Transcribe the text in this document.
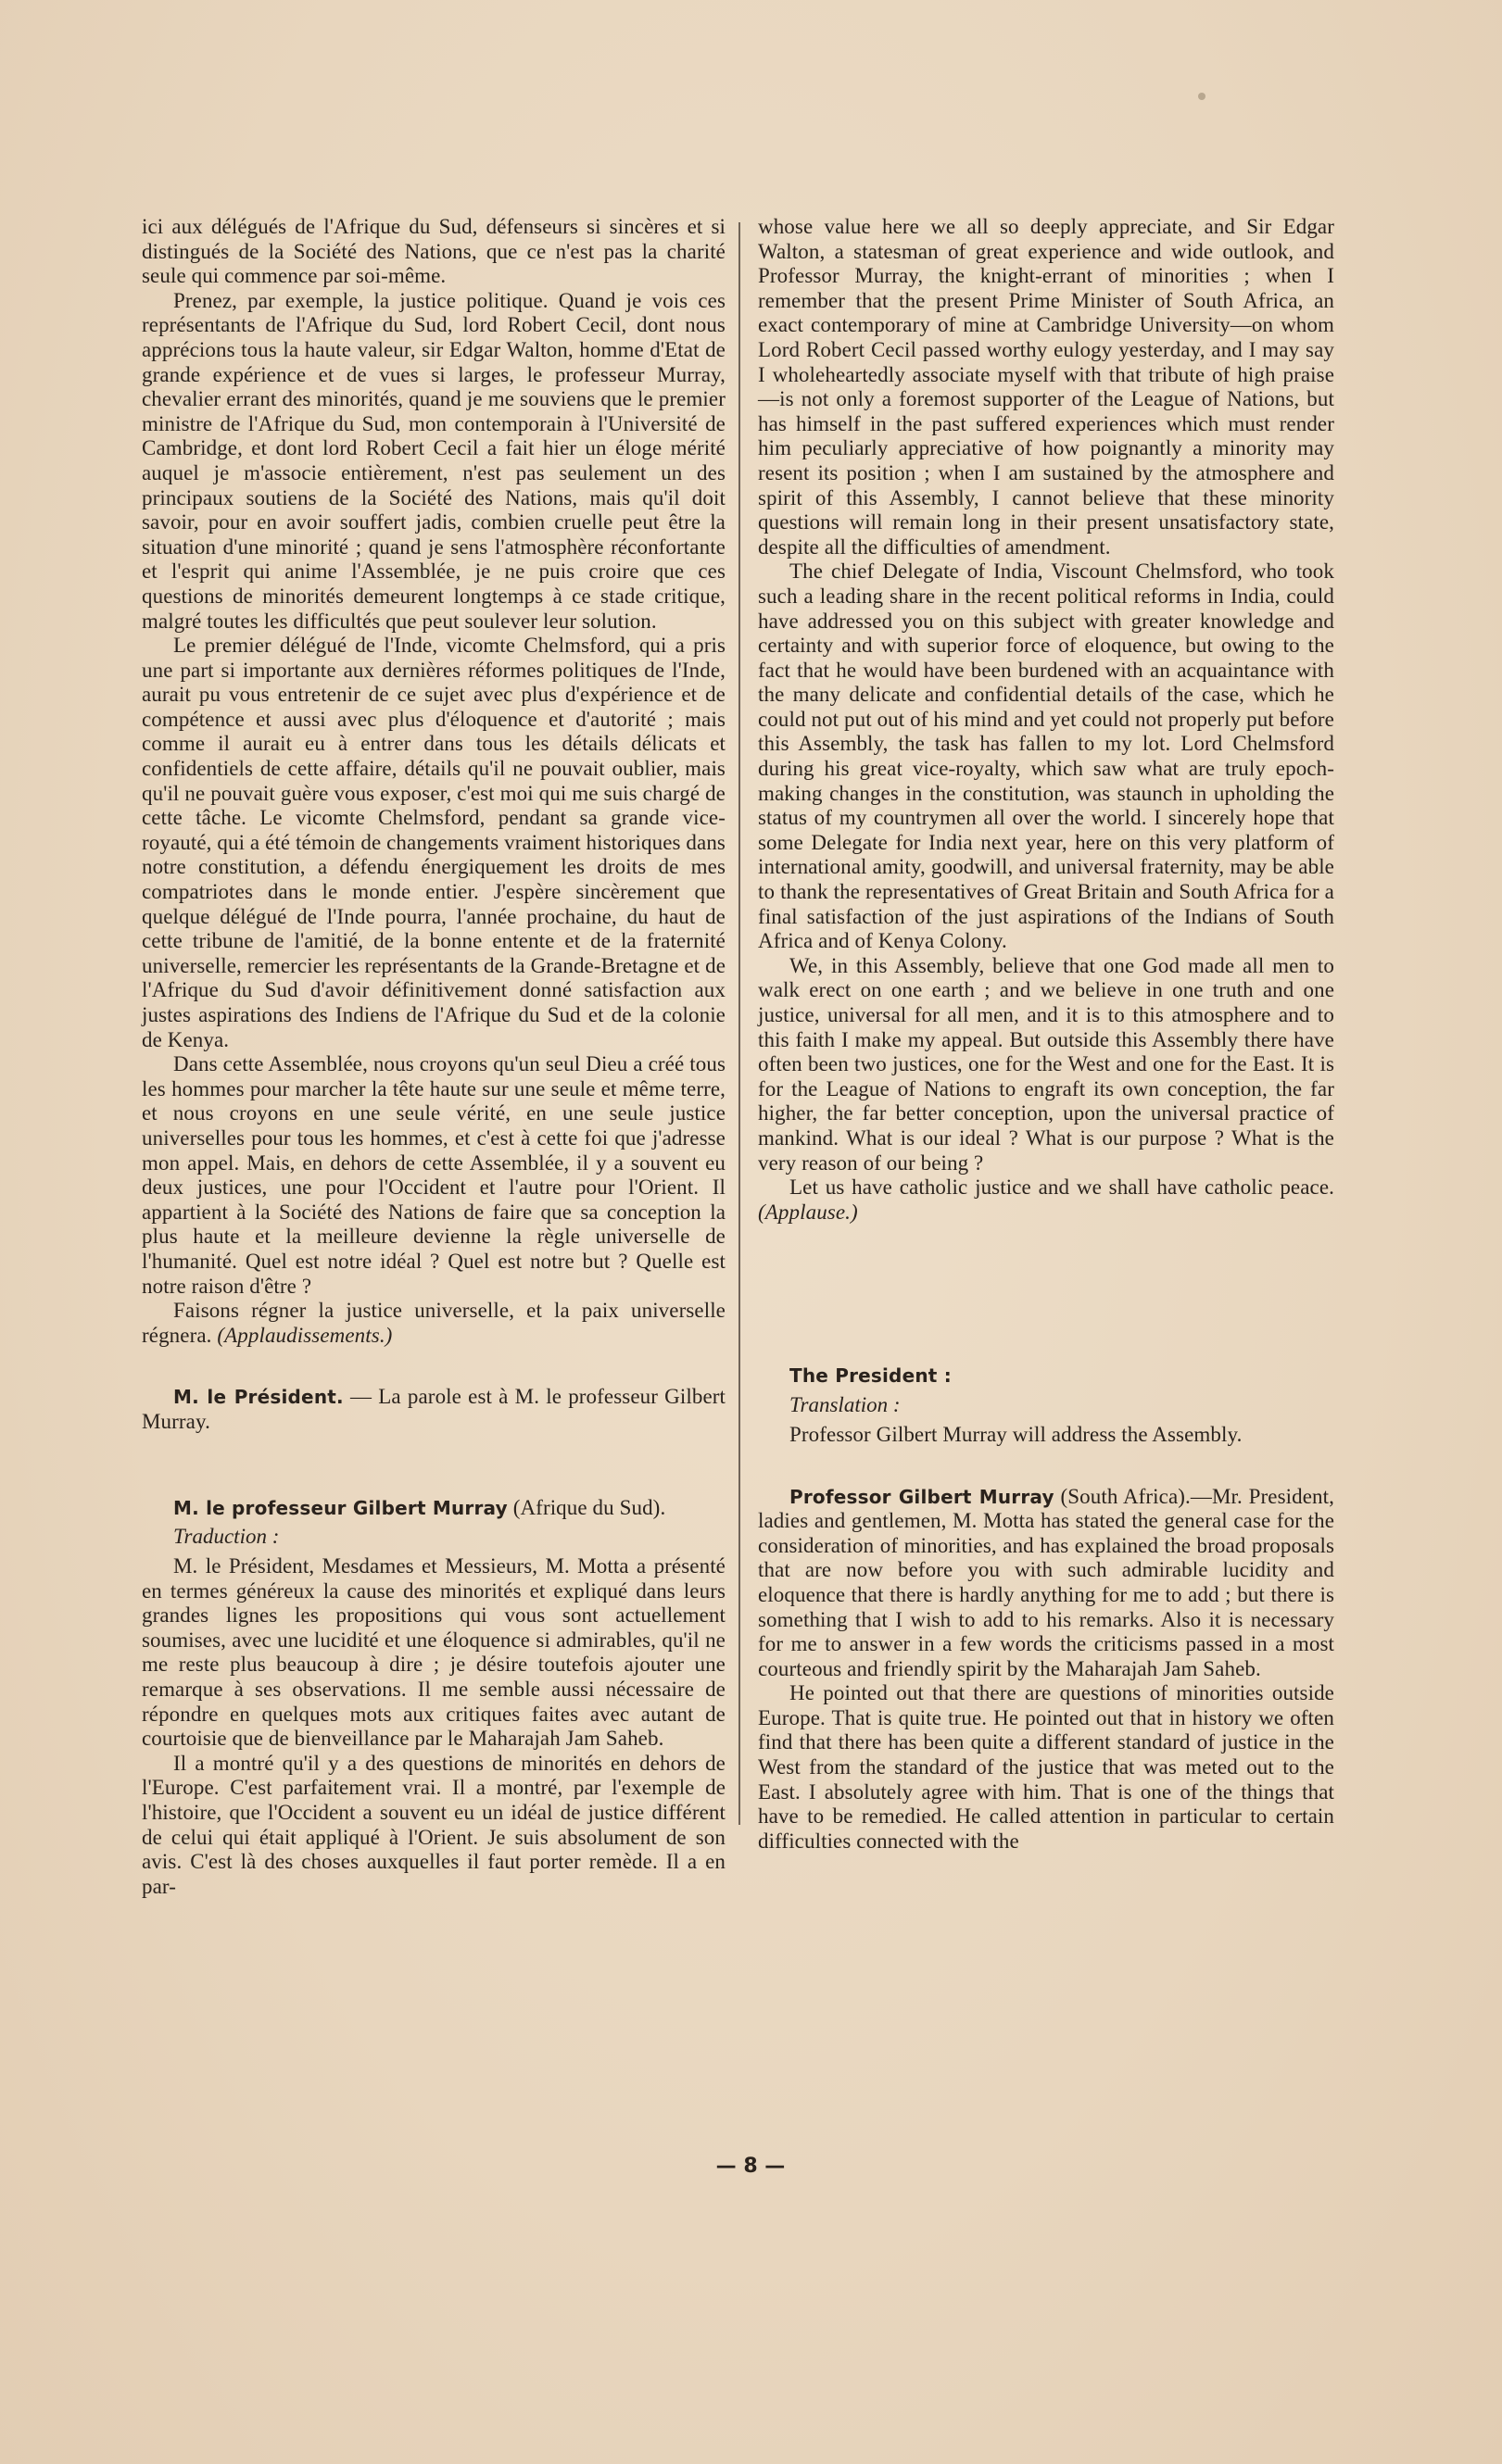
ici aux délégués de l'Afrique du Sud, défenseurs si sincères et si distingués de la Société des Nations, que ce n'est pas la charité seule qui commence par soi-même.

Prenez, par exemple, la justice politique. Quand je vois ces représentants de l'Afrique du Sud, lord Robert Cecil, dont nous apprécions tous la haute valeur, sir Edgar Walton, homme d'Etat de grande expérience et de vues si larges, le professeur Murray, chevalier errant des minorités, quand je me souviens que le premier ministre de l'Afrique du Sud, mon contemporain à l'Université de Cambridge, et dont lord Robert Cecil a fait hier un éloge mérité auquel je m'associe entièrement, n'est pas seulement un des principaux soutiens de la Société des Nations, mais qu'il doit savoir, pour en avoir souffert jadis, combien cruelle peut être la situation d'une minorité ; quand je sens l'atmosphère réconfortante et l'esprit qui anime l'Assemblée, je ne puis croire que ces questions de minorités demeurent longtemps à ce stade critique, malgré toutes les difficultés que peut soulever leur solution.

Le premier délégué de l'Inde, vicomte Chelmsford, qui a pris une part si importante aux dernières réformes politiques de l'Inde, aurait pu vous entretenir de ce sujet avec plus d'expérience et de compétence et aussi avec plus d'éloquence et d'autorité ; mais comme il aurait eu à entrer dans tous les détails délicats et confidentiels de cette affaire, détails qu'il ne pouvait oublier, mais qu'il ne pouvait guère vous exposer, c'est moi qui me suis chargé de cette tâche. Le vicomte Chelmsford, pendant sa grande vice-royauté, qui a été témoin de changements vraiment historiques dans notre constitution, a défendu énergiquement les droits de mes compatriotes dans le monde entier. J'espère sincèrement que quelque délégué de l'Inde pourra, l'année prochaine, du haut de cette tribune de l'amitié, de la bonne entente et de la fraternité universelle, remercier les représentants de la Grande-Bretagne et de l'Afrique du Sud d'avoir définitivement donné satisfaction aux justes aspirations des Indiens de l'Afrique du Sud et de la colonie de Kenya.

Dans cette Assemblée, nous croyons qu'un seul Dieu a créé tous les hommes pour marcher la tête haute sur une seule et même terre, et nous croyons en une seule vérité, en une seule justice universelles pour tous les hommes, et c'est à cette foi que j'adresse mon appel. Mais, en dehors de cette Assemblée, il y a souvent eu deux justices, une pour l'Occident et l'autre pour l'Orient. Il appartient à la Société des Nations de faire que sa conception la plus haute et la meilleure devienne la règle universelle de l'humanité. Quel est notre idéal ? Quel est notre but ? Quelle est notre raison d'être ?

Faisons régner la justice universelle, et la paix universelle régnera. (Applaudissements.)

M. le Président. — La parole est à M. le professeur Gilbert Murray.

M. le professeur Gilbert Murray (Afrique du Sud).

Traduction :

M. le Président, Mesdames et Messieurs, M. Motta a présenté en termes généreux la cause des minorités et expliqué dans leurs grandes lignes les propositions qui vous sont actuellement soumises, avec une lucidité et une éloquence si admirables, qu'il ne me reste plus beaucoup à dire ; je désire toutefois ajouter une remarque à ses observations. Il me semble aussi nécessaire de répondre en quelques mots aux critiques faites avec autant de courtoisie que de bienveillance par le Maharajah Jam Saheb.

Il a montré qu'il y a des questions de minorités en dehors de l'Europe. C'est parfaitement vrai. Il a montré, par l'exemple de l'histoire, que l'Occident a souvent eu un idéal de justice différent de celui qui était appliqué à l'Orient. Je suis absolument de son avis. C'est là des choses auxquelles il faut porter remède. Il a en par-

whose value here we all so deeply appreciate, and Sir Edgar Walton, a statesman of great experience and wide outlook, and Professor Murray, the knight-errant of minorities ; when I remember that the present Prime Minister of South Africa, an exact contemporary of mine at Cambridge University—on whom Lord Robert Cecil passed worthy eulogy yesterday, and I may say I wholeheartedly associate myself with that tribute of high praise—is not only a foremost supporter of the League of Nations, but has himself in the past suffered experiences which must render him peculiarly appreciative of how poignantly a minority may resent its position ; when I am sustained by the atmosphere and spirit of this Assembly, I cannot believe that these minority questions will remain long in their present unsatisfactory state, despite all the difficulties of amendment.

The chief Delegate of India, Viscount Chelmsford, who took such a leading share in the recent political reforms in India, could have addressed you on this subject with greater knowledge and certainty and with superior force of eloquence, but owing to the fact that he would have been burdened with an acquaintance with the many delicate and confidential details of the case, which he could not put out of his mind and yet could not properly put before this Assembly, the task has fallen to my lot. Lord Chelmsford during his great vice-royalty, which saw what are truly epoch-making changes in the constitution, was staunch in upholding the status of my countrymen all over the world. I sincerely hope that some Delegate for India next year, here on this very platform of international amity, goodwill, and universal fraternity, may be able to thank the representatives of Great Britain and South Africa for a final satisfaction of the just aspirations of the Indians of South Africa and of Kenya Colony.

We, in this Assembly, believe that one God made all men to walk erect on one earth ; and we believe in one truth and one justice, universal for all men, and it is to this atmosphere and to this faith I make my appeal. But outside this Assembly there have often been two justices, one for the West and one for the East. It is for the League of Nations to engraft its own conception, the far higher, the far better conception, upon the universal practice of mankind. What is our ideal ? What is our purpose ? What is the very reason of our being ?

Let us have catholic justice and we shall have catholic peace. (Applause.)

The President :

Translation :

Professor Gilbert Murray will address the Assembly.

Professor Gilbert Murray (South Africa).—Mr. President, ladies and gentlemen, M. Motta has stated the general case for the consideration of minorities, and has explained the broad proposals that are now before you with such admirable lucidity and eloquence that there is hardly anything for me to add ; but there is something that I wish to add to his remarks. Also it is necessary for me to answer in a few words the criticisms passed in a most courteous and friendly spirit by the Maharajah Jam Saheb.

He pointed out that there are questions of minorities outside Europe. That is quite true. He pointed out that in history we often find that there has been quite a different standard of justice in the West from the standard of the justice that was meted out to the East. I absolutely agree with him. That is one of the things that have to be remedied. He called attention in particular to certain difficulties connected with the

— 8 —
